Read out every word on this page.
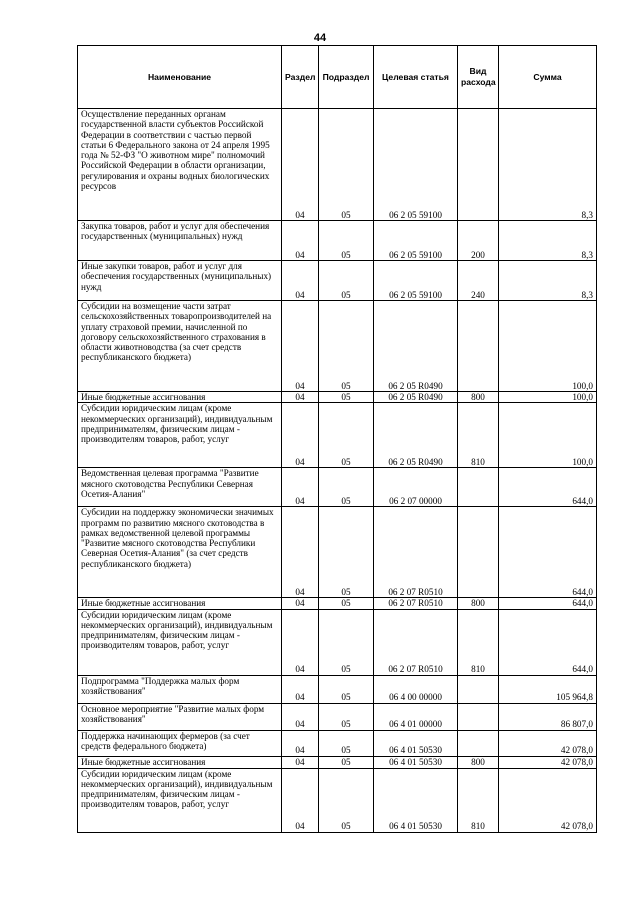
44
Наименование	Раздел	Подраздел	Целевая статья	Вид расхода	Сумма
Осуществление переданных органам государственной власти субъектов Российской Федерации в соответствии с частью первой статьи 6 Федерального закона от 24 апреля 1995 года № 52-ФЗ "О животном мире" полномочий Российской Федерации в области организации, регулирования и охраны водных биологических ресурсов	04	05	06 2 05 59100		8,3
Закупка товаров, работ и услуг для обеспечения государственных (муниципальных) нужд	04	05	06 2 05 59100	200	8,3
Иные закупки товаров, работ и услуг для обеспечения государственных (муниципальных) нужд	04	05	06 2 05 59100	240	8,3
Субсидии на возмещение части затрат сельскохозяйственных товаропроизводителей на уплату страховой премии, начисленной по договору сельскохозяйственного страхования в области животноводства (за счет средств республиканского бюджета)	04	05	06 2 05 R0490		100,0
Иные бюджетные ассигнования	04	05	06 2 05 R0490	800	100,0
Субсидии юридическим лицам (кроме некоммерческих организаций), индивидуальным предпринимателям, физическим лицам - производителям товаров, работ, услуг	04	05	06 2 05 R0490	810	100,0
Ведомственная целевая программа "Развитие мясного скотоводства Республики Северная Осетия-Алания"	04	05	06 2 07 00000		644,0
Субсидии на поддержку экономически значимых программ по развитию мясного скотоводства в рамках ведомственной целевой программы "Развитие мясного скотоводства Республики Северная Осетия-Алания" (за счет средств республиканского бюджета)	04	05	06 2 07 R0510		644,0
Иные бюджетные ассигнования	04	05	06 2 07 R0510	800	644,0
Субсидии юридическим лицам (кроме некоммерческих организаций), индивидуальным предпринимателям, физическим лицам - производителям товаров, работ, услуг	04	05	06 2 07 R0510	810	644,0
Подпрограмма "Поддержка малых форм хозяйствования"	04	05	06 4 00 00000		105 964,8
Основное мероприятие "Развитие малых форм хозяйствования"	04	05	06 4 01 00000		86 807,0
Поддержка начинающих фермеров (за счет средств федерального бюджета)	04	05	06 4 01 50530		42 078,0
Иные бюджетные ассигнования	04	05	06 4 01 50530	800	42 078,0
Субсидии юридическим лицам (кроме некоммерческих организаций), индивидуальным предпринимателям, физическим лицам - производителям товаров, работ, услуг	04	05	06 4 01 50530	810	42 078,0
